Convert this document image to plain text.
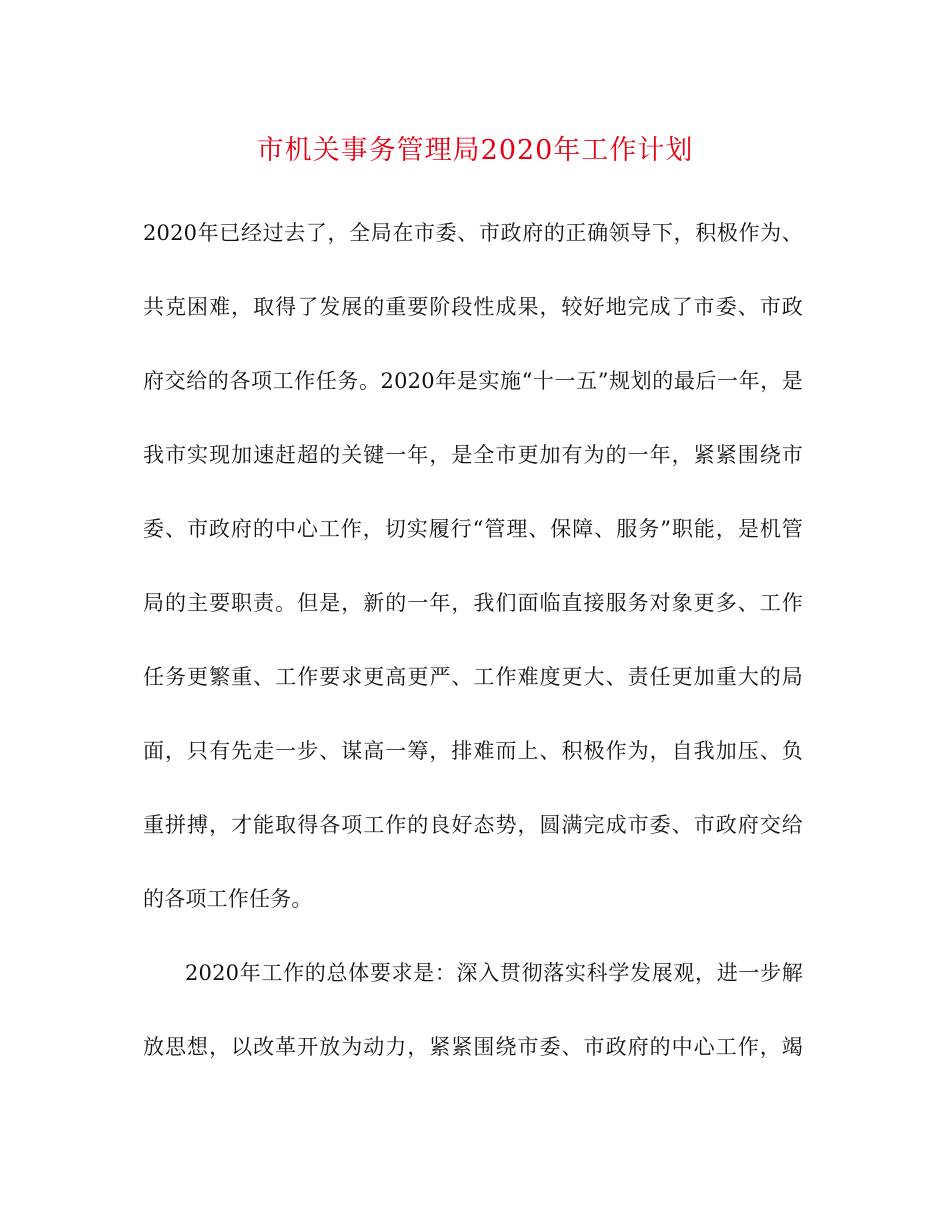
市机关事务管理局2020年工作计划
2020年已经过去了，全局在市委、市政府的正确领导下，积极作为、
共克困难，取得了发展的重要阶段性成果，较好地完成了市委、市政
府交给的各项工作任务。2020年是实施“十一五”规划的最后一年，是
我市实现加速赶超的关键一年，是全市更加有为的一年，紧紧围绕市
委、市政府的中心工作，切实履行“管理、保障、服务”职能，是机管
局的主要职责。但是，新的一年，我们面临直接服务对象更多、工作
任务更繁重、工作要求更高更严、工作难度更大、责任更加重大的局
面，只有先走一步、谋高一筹，排难而上、积极作为，自我加压、负
重拼搏，才能取得各项工作的良好态势，圆满完成市委、市政府交给
的各项工作任务。
2020年工作的总体要求是：深入贯彻落实科学发展观，进一步解
放思想，以改革开放为动力，紧紧围绕市委、市政府的中心工作，竭
